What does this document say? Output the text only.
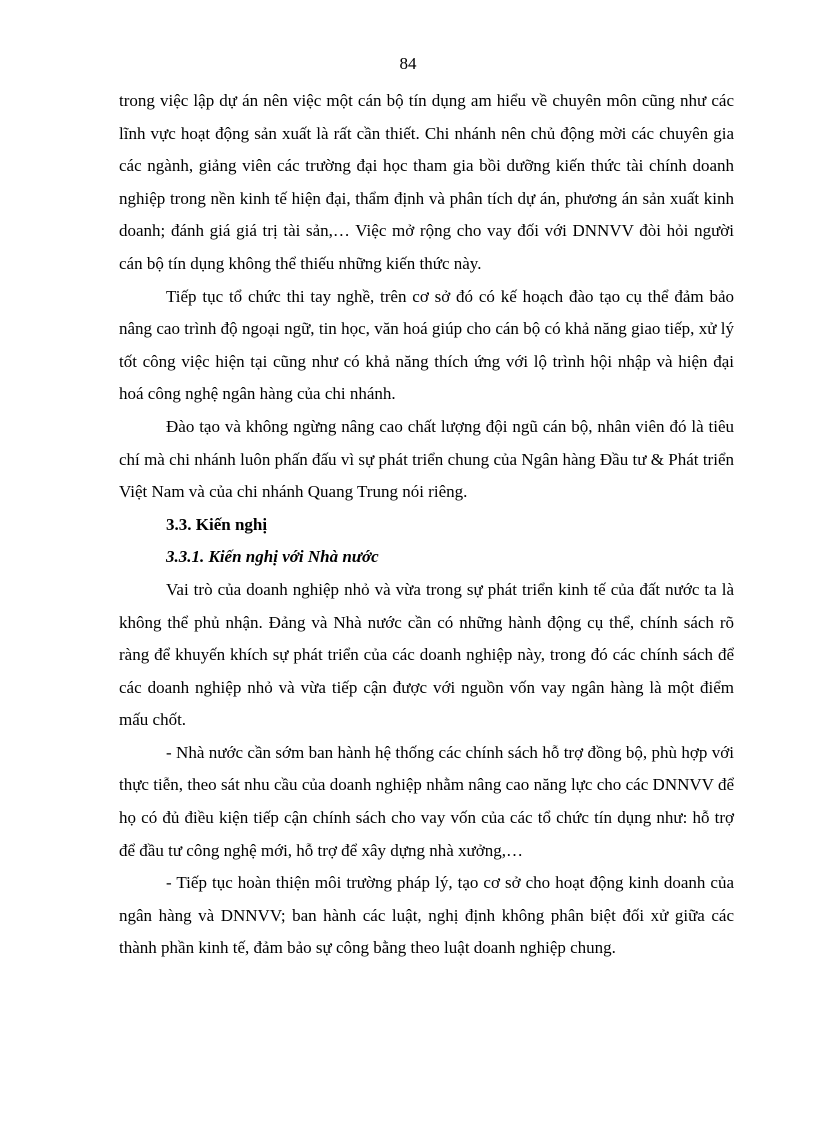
84

trong việc lập dự án nên việc một cán bộ tín dụng am hiểu về chuyên môn cũng như các lĩnh vực hoạt động sản xuất là rất cần thiết. Chi nhánh nên chủ động mời các chuyên gia các ngành, giảng viên các trường đại học tham gia bồi dưỡng kiến thức tài chính doanh nghiệp trong nền kinh tế hiện đại, thẩm định và phân tích dự án, phương án sản xuất kinh doanh; đánh giá giá trị tài sản,… Việc mở rộng cho vay đối với DNNVV đòi hỏi người cán bộ tín dụng không thể thiếu những kiến thức này.

Tiếp tục tổ chức thi tay nghề, trên cơ sở đó có kế hoạch đào tạo cụ thể đảm bảo nâng cao trình độ ngoại ngữ, tin học, văn hoá giúp cho cán bộ có khả năng giao tiếp, xử lý tốt công việc hiện tại cũng như có khả năng thích ứng với lộ trình hội nhập và hiện đại hoá công nghệ ngân hàng của chi nhánh.

Đào tạo và không ngừng nâng cao chất lượng đội ngũ cán bộ, nhân viên đó là tiêu chí mà chi nhánh luôn phấn đấu vì sự phát triển chung của Ngân hàng Đầu tư & Phát triển Việt Nam và của chi nhánh Quang Trung nói riêng.

3.3. Kiến nghị
3.3.1. Kiến nghị với Nhà nước

Vai trò của doanh nghiệp nhỏ và vừa trong sự phát triển kinh tế của đất nước ta là không thể phủ nhận. Đảng và Nhà nước cần có những hành động cụ thể, chính sách rõ ràng để khuyến khích sự phát triển của các doanh nghiệp này, trong đó các chính sách để các doanh nghiệp nhỏ và vừa tiếp cận được với nguồn vốn vay ngân hàng là một điểm mấu chốt.

- Nhà nước cần sớm ban hành hệ thống các chính sách hỗ trợ đồng bộ, phù hợp với thực tiễn, theo sát nhu cầu của doanh nghiệp nhằm nâng cao năng lực cho các DNNVV để họ có đủ điều kiện tiếp cận chính sách cho vay vốn của các tổ chức tín dụng như: hỗ trợ để đầu tư công nghệ mới, hỗ trợ để xây dựng nhà xưởng,…

- Tiếp tục hoàn thiện môi trường pháp lý, tạo cơ sở cho hoạt động kinh doanh của ngân hàng và DNNVV; ban hành các luật, nghị định không phân biệt đối xử giữa các thành phần kinh tế, đảm bảo sự công bằng theo luật doanh nghiệp chung.
